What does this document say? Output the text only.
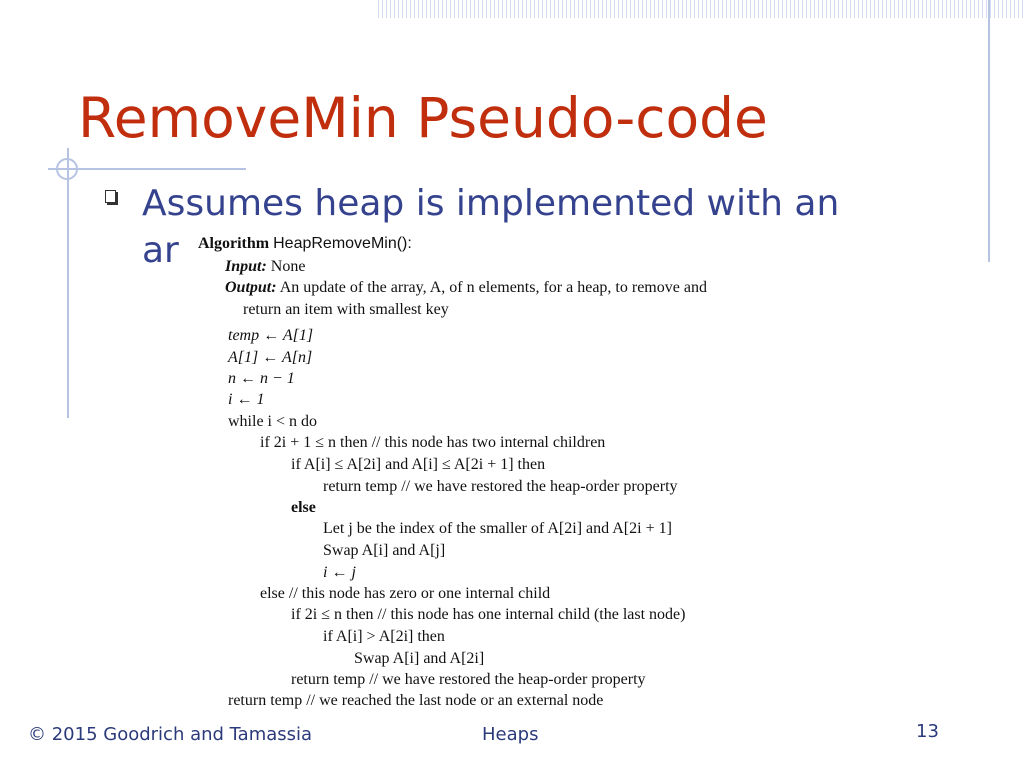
RemoveMin Pseudo-code
Assumes heap is implemented with an
ar	Algorithm HeapRemoveMin():
Input: None
Output: An update of the array, A, of n elements, for a heap, to remove and
return an item with smallest key
temp ← A[1]
A[1] ← A[n]
n ← n − 1
i ← 1
while i < n do
if 2i + 1 ≤ n then // this node has two internal children
if A[i] ≤ A[2i] and A[i] ≤ A[2i + 1] then
return temp // we have restored the heap-order property
else
Let j be the index of the smaller of A[2i] and A[2i + 1]
Swap A[i] and A[j]
i ← j
else // this node has zero or one internal child
if 2i ≤ n then // this node has one internal child (the last node)
if A[i] > A[2i] then
Swap A[i] and A[2i]
return temp // we have restored the heap-order property
return temp // we reached the last node or an external node
© 2015 Goodrich and Tamassia	Heaps	13
